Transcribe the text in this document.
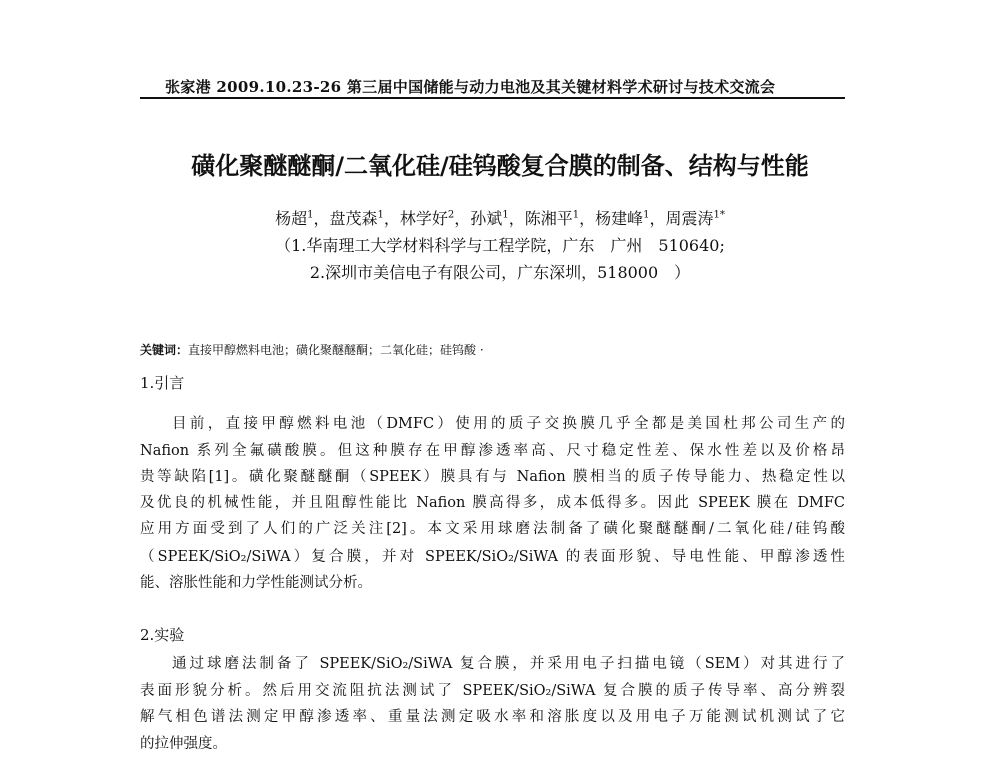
张家港 2009.10.23-26 第三届中国储能与动力电池及其关键材料学术研讨与技术交流会
磺化聚醚醚酮/二氧化硅/硅钨酸复合膜的制备、结构与性能
杨超$^1$，盘茂森$^1$，林学好$^2$，孙斌$^1$，陈湘平$^1$，杨建峰$^1$，周震涛$^{1*}$
（1.华南理工大学材料科学与工程学院，广东　广州　510640;
2.深圳市美信电子有限公司，广东深圳，518000　）
关键词：直接甲醇燃料电池；磺化聚醚醚酮；二氧化硅；硅钨酸 ·
1.引言
目前，直接甲醇燃料电池（DMFC）使用的质子交换膜几乎全都是美国杜邦公司生产的
Nafion 系列全氟磺酸膜。但这种膜存在甲醇渗透率高、尺寸稳定性差、保水性差以及价格昂
贵等缺陷[1]。磺化聚醚醚酮（SPEEK）膜具有与 Nafion 膜相当的质子传导能力、热稳定性以
及优良的机械性能，并且阻醇性能比 Nafion 膜高得多，成本低得多。因此 SPEEK 膜在 DMFC
应用方面受到了人们的广泛关注[2]。本文采用球磨法制备了磺化聚醚醚酮/二氧化硅/硅钨酸
（SPEEK/SiO₂/SiWA）复合膜，并对 SPEEK/SiO₂/SiWA 的表面形貌、导电性能、甲醇渗透性
能、溶胀性能和力学性能测试分析。
2.实验
通过球磨法制备了 SPEEK/SiO₂/SiWA 复合膜，并采用电子扫描电镜（SEM）对其进行了
表面形貌分析。然后用交流阻抗法测试了 SPEEK/SiO₂/SiWA 复合膜的质子传导率、高分辨裂
解气相色谱法测定甲醇渗透率、重量法测定吸水率和溶胀度以及用电子万能测试机测试了它
的拉伸强度。
